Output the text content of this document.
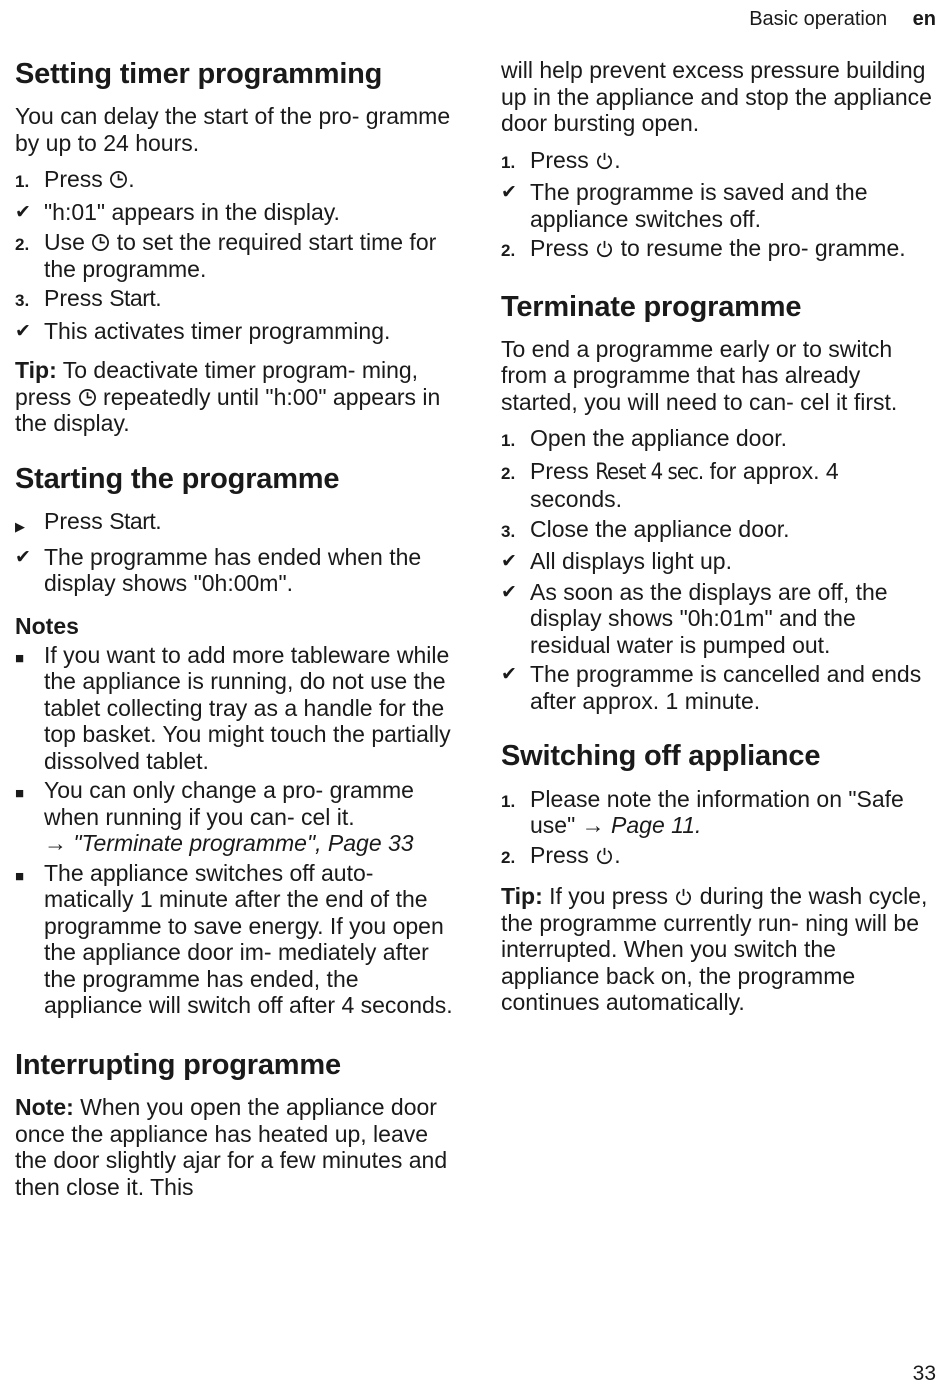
Basic operation en
Setting timer programming

You can delay the start of the pro- gramme by up to 24 hours.

1. Press .
✔ "h:01" appears in the display.
2. Use to set the required start time for the programme.
3. Press Start.
✔ This activates timer programming.

Tip: To deactivate timer program- ming, press repeatedly until "h:00" appears in the display.

Starting the programme
▶ Press Start.
✔ The programme has ended when the display shows "0h:00m".
Notes
■ If you want to add more tableware while the appliance is running, do not use the tablet collecting tray as a handle for the top basket. You might touch the partially dissolved tablet.
■ You can only change a pro- gramme when running if you can- cel it.
→ "Terminate programme", Page 33
■ The appliance switches off auto- matically 1 minute after the end of the programme to save energy. If you open the appliance door im- mediately after the programme has ended, the appliance will switch off after 4 seconds.
Interrupting programme

Note: When you open the appliance door once the appliance has heated up, leave the door slightly ajar for a few minutes and then close it. This

will help prevent excess pressure building up in the appliance and stop the appliance door bursting open.

1. Press .
✔ The programme is saved and the appliance switches off.
2. Press to resume the pro- gramme.
Terminate programme

To end a programme early or to switch from a programme that has already started, you will need to can- cel it first.

1. Open the appliance door.
2. Press Reset 4 sec. for approx. 4 seconds.
3. Close the appliance door.
✔ All displays light up.
✔ As soon as the displays are off, the display shows "0h:01m" and the residual water is pumped out.
✔ The programme is cancelled and ends after approx. 1 minute.
Switching off appliance
1. Please note the information on "Safe use" → Page 11.
2. Press .

Tip: If you press during the wash cycle, the programme currently run- ning will be interrupted. When you switch the appliance back on, the programme continues automatically.

33
